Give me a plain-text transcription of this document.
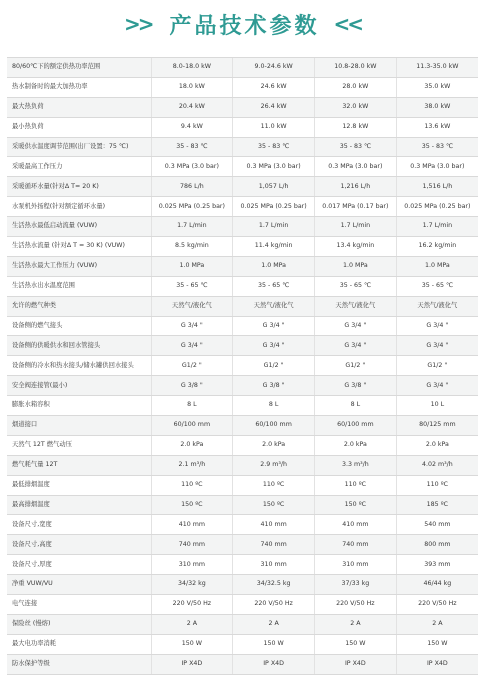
>> 产品技术参数 <<
80/60℃下的额定供热功率范围	8.0-18.0 kW	9.0-24.6 kW	10.8-28.0 kW	11.3-35.0 kW
热水制备时的最大加热功率	18.0 kW	24.6 kW	28.0 kW	35.0 kW
最大热负荷	20.4 kW	26.4 kW	32.0 kW	38.0 kW
最小热负荷	9.4 kW	11.0 kW	12.8 kW	13.6 kW
采暖供水温度调节范围(出厂设置：75 ℃)	35 - 83 ℃	35 - 83 ℃	35 - 83 ℃	35 - 83 ℃
采暖最高工作压力	0.3 MPa (3.0 bar)	0.3 MPa (3.0 bar)	0.3 MPa (3.0 bar)	0.3 MPa (3.0 bar)
采暖循环水量(针对Δ T= 20 K)	786 L/h	1,057 L/h	1,216 L/h	1,516 L/h
水泵机外扬程(针对额定循环水量)	0.025 MPa (0.25 bar)	0.025 MPa (0.25 bar)	0.017 MPa (0.17 bar)	0.025 MPa (0.25 bar)
生活热水最低启动流量 (VUW)	1.7 L/min	1.7 L/min	1.7 L/min	1.7 L/min
生活热水流量 (针对Δ T = 30 K) (VUW)	8.5 kg/min	11.4 kg/min	13.4 kg/min	16.2 kg/min
生活热水最大工作压力 (VUW)	1.0 MPa	1.0 MPa	1.0 MPa	1.0 MPa
生活热水出水温度范围	35 - 65 ℃	35 - 65 ℃	35 - 65 ℃	35 - 65 ℃
允许的燃气种类	天然气/液化气	天然气/液化气	天然气/液化气	天然气/液化气
设备侧的燃气接头	G 3/4 "	G 3/4 "	G 3/4 "	G 3/4 "
设备侧的供暖供水和回水管接头	G 3/4 "	G 3/4 "	G 3/4 "	G 3/4 "
设备侧的冷水和热水接头/储水罐供回水接头	G1/2 "	G1/2 "	G1/2 "	G1/2 "
安全阀连接管(最小)	G 3/8 "	G 3/8 "	G 3/8 "	G 3/4 "
膨胀水箱容积	8 L	8 L	8 L	10 L
烟道接口	60/100 mm	60/100 mm	60/100 mm	80/125 mm
天然气 12T 燃气动压	2.0 kPa	2.0 kPa	2.0 kPa	2.0 kPa
燃气耗气量 12T	2.1 m³/h	2.9 m³/h	3.3 m³/h	4.02 m³/h
最低排烟温度	110 ºC	110 ºC	110 ºC	110 ºC
最高排烟温度	150 ºC	150 ºC	150 ºC	185 ºC
设备尺寸,宽度	410 mm	410 mm	410 mm	540 mm
设备尺寸,高度	740 mm	740 mm	740 mm	800 mm
设备尺寸,厚度	310 mm	310 mm	310 mm	393 mm
净重 VUW/VU	34/32 kg	34/32.5 kg	37/33 kg	46/44 kg
电气连接	220 V/50 Hz	220 V/50 Hz	220 V/50 Hz	220 V/50 Hz
保险丝 (慢熔)	2 A	2 A	2 A	2 A
最大电功率消耗	150 W	150 W	150 W	150 W
防水保护等级	IP X4D	IP X4D	IP X4D	IP X4D
